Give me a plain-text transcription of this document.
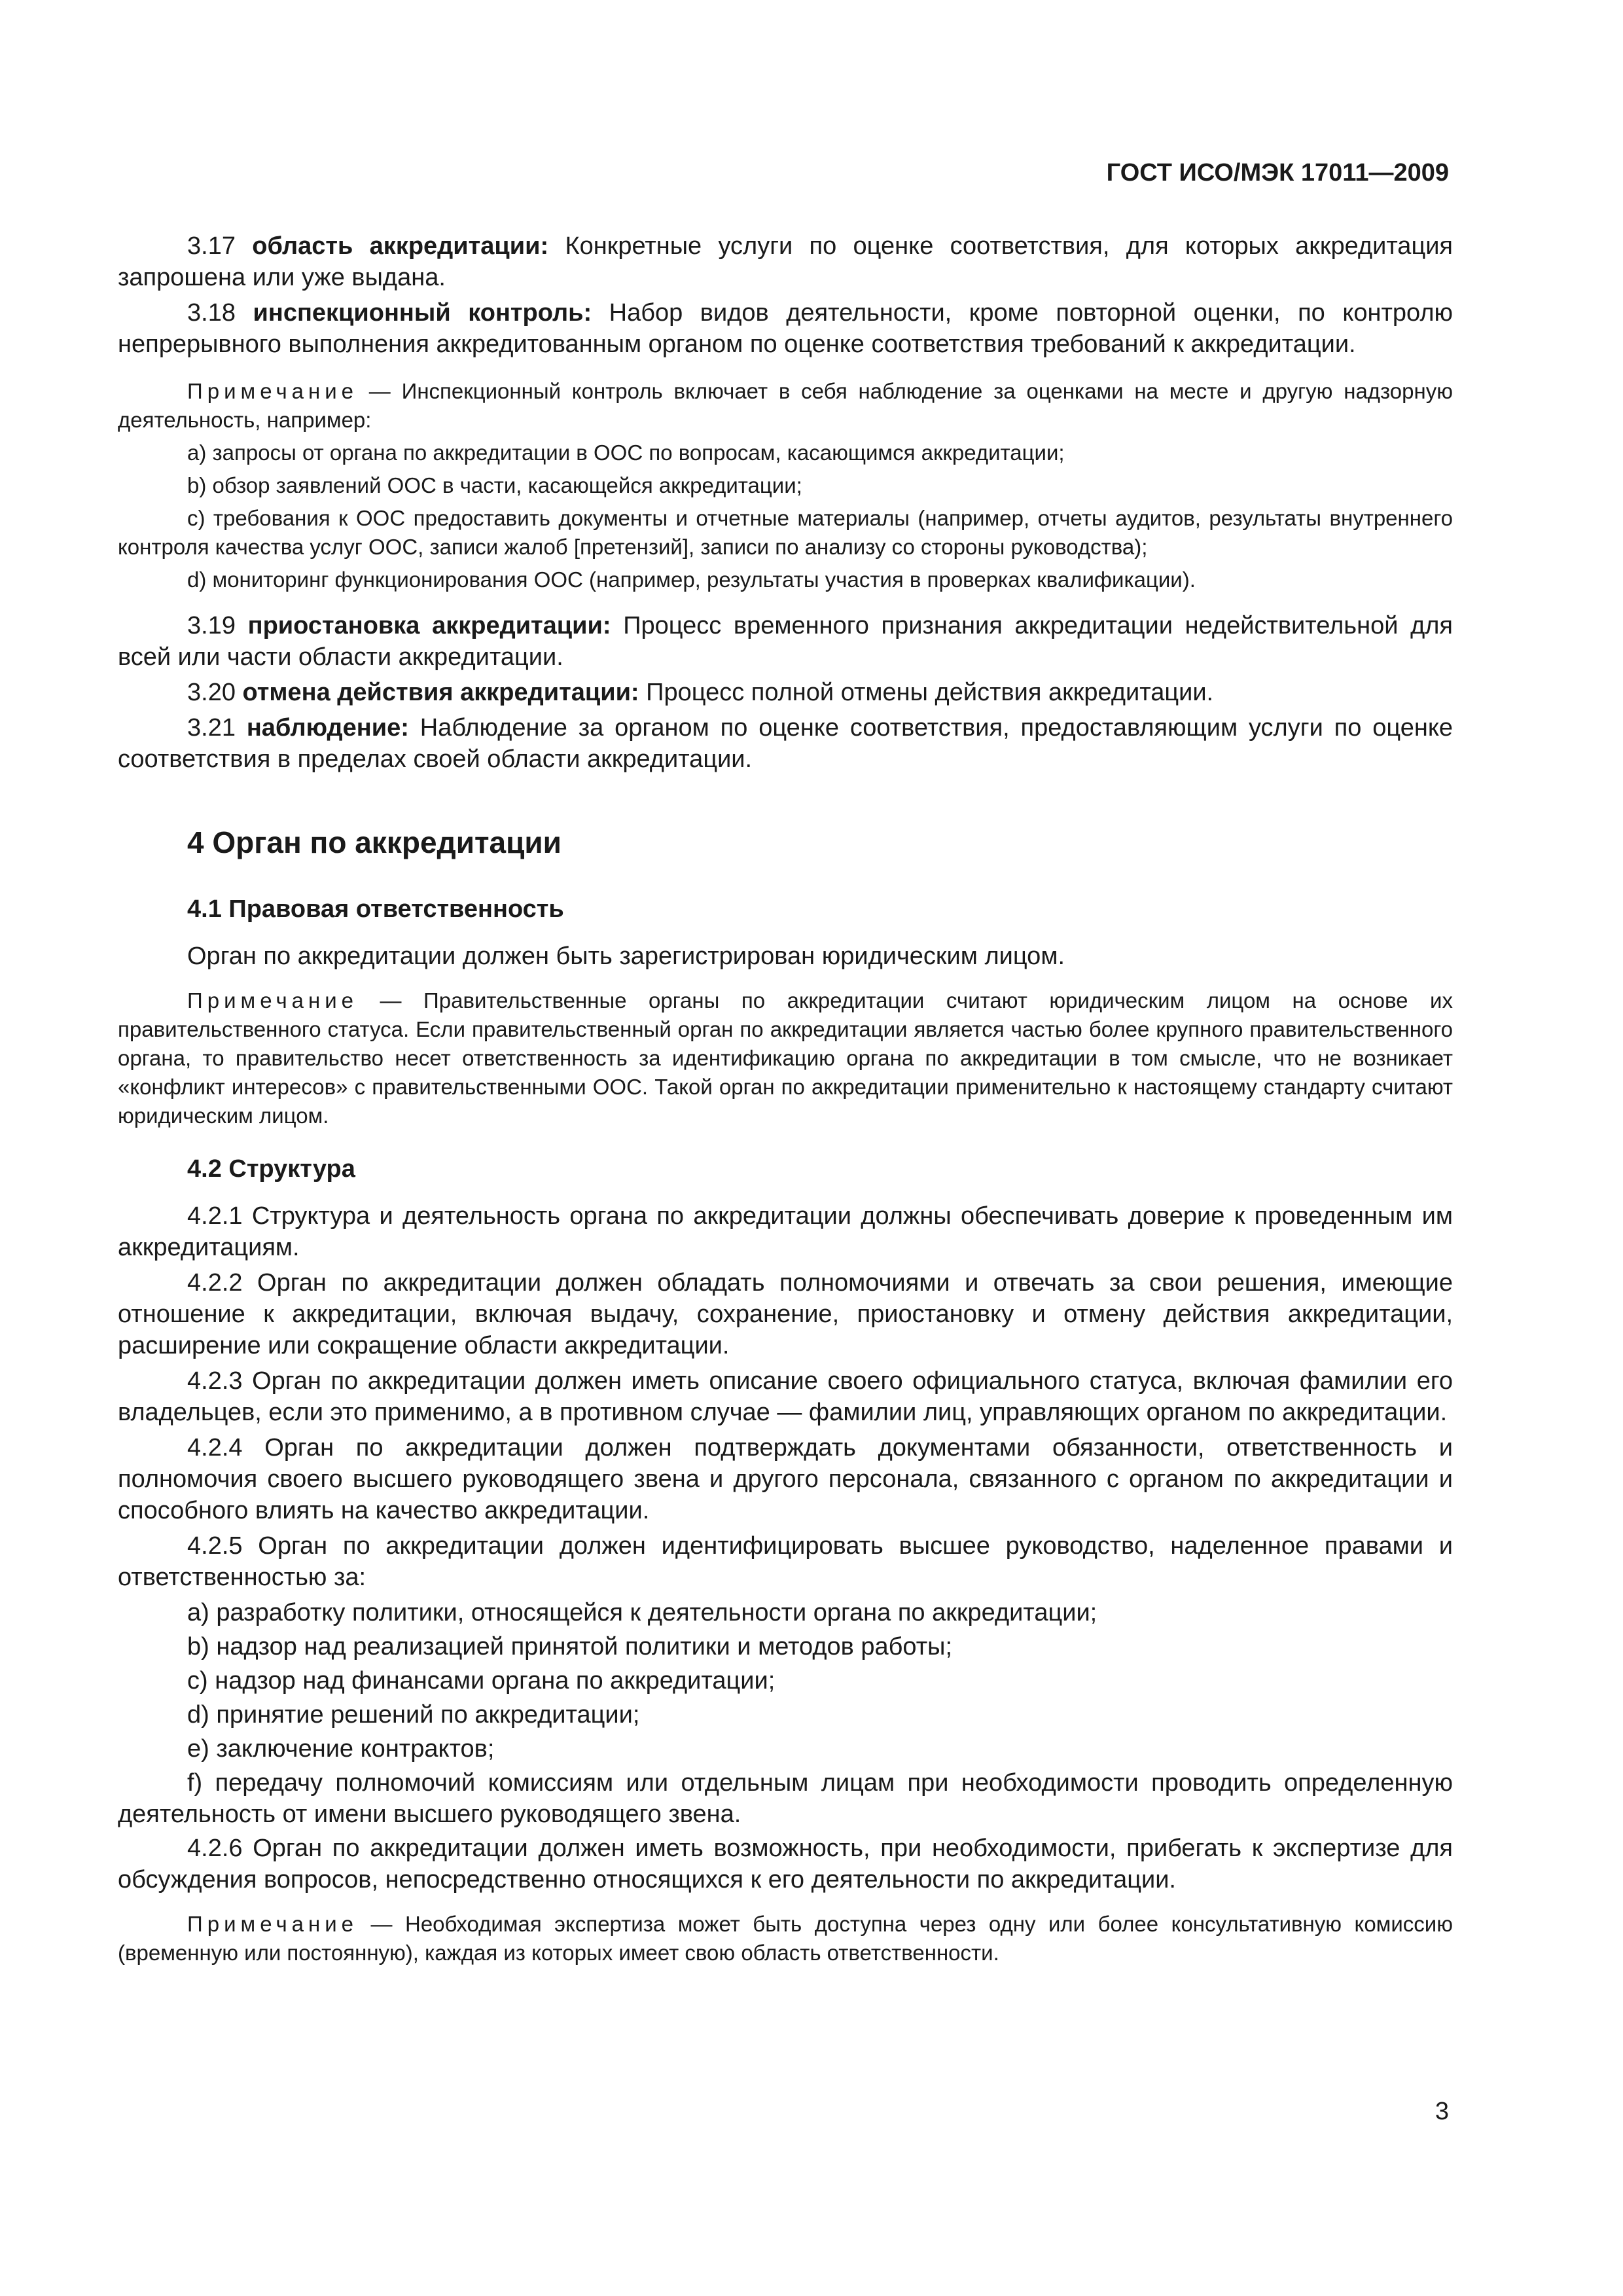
ГОСТ ИСО/МЭК 17011—2009

3.17 область аккредитации: Конкретные услуги по оценке соответствия, для которых аккредитация запрошена или уже выдана.

3.18 инспекционный контроль: Набор видов деятельности, кроме повторной оценки, по контролю непрерывного выполнения аккредитованным органом по оценке соответствия требований к аккредитации.

Примечание — Инспекционный контроль включает в себя наблюдение за оценками на месте и другую надзорную деятельность, например:

a) запросы от органа по аккредитации в ООС по вопросам, касающимся аккредитации;

b) обзор заявлений ООС в части, касающейся аккредитации;

c) требования к ООС предоставить документы и отчетные материалы (например, отчеты аудитов, результаты внутреннего контроля качества услуг ООС, записи жалоб [претензий], записи по анализу со стороны руководства);

d) мониторинг функционирования ООС (например, результаты участия в проверках квалификации).

3.19 приостановка аккредитации: Процесс временного признания аккредитации недействительной для всей или части области аккредитации.

3.20 отмена действия аккредитации: Процесс полной отмены действия аккредитации.

3.21 наблюдение: Наблюдение за органом по оценке соответствия, предоставляющим услуги по оценке соответствия в пределах своей области аккредитации.

4 Орган по аккредитации
4.1 Правовая ответственность

Орган по аккредитации должен быть зарегистрирован юридическим лицом.

Примечание — Правительственные органы по аккредитации считают юридическим лицом на основе их правительственного статуса. Если правительственный орган по аккредитации является частью более крупного правительственного органа, то правительство несет ответственность за идентификацию органа по аккредитации в том смысле, что не возникает «конфликт интересов» с правительственными ООС. Такой орган по аккредитации применительно к настоящему стандарту считают юридическим лицом.

4.2 Структура

4.2.1 Структура и деятельность органа по аккредитации должны обеспечивать доверие к проведенным им аккредитациям.

4.2.2 Орган по аккредитации должен обладать полномочиями и отвечать за свои решения, имеющие отношение к аккредитации, включая выдачу, сохранение, приостановку и отмену действия аккредитации, расширение или сокращение области аккредитации.

4.2.3 Орган по аккредитации должен иметь описание своего официального статуса, включая фамилии его владельцев, если это применимо, а в противном случае — фамилии лиц, управляющих органом по аккредитации.

4.2.4 Орган по аккредитации должен подтверждать документами обязанности, ответственность и полномочия своего высшего руководящего звена и другого персонала, связанного с органом по аккредитации и способного влиять на качество аккредитации.

4.2.5 Орган по аккредитации должен идентифицировать высшее руководство, наделенное правами и ответственностью за:

a) разработку политики, относящейся к деятельности органа по аккредитации;

b) надзор над реализацией принятой политики и методов работы;

c) надзор над финансами органа по аккредитации;

d) принятие решений по аккредитации;

e) заключение контрактов;

f) передачу полномочий комиссиям или отдельным лицам при необходимости проводить определенную деятельность от имени высшего руководящего звена.

4.2.6 Орган по аккредитации должен иметь возможность, при необходимости, прибегать к экспертизе для обсуждения вопросов, непосредственно относящихся к его деятельности по аккредитации.

Примечание — Необходимая экспертиза может быть доступна через одну или более консультативную комиссию (временную или постоянную), каждая из которых имеет свою область ответственности.

3
